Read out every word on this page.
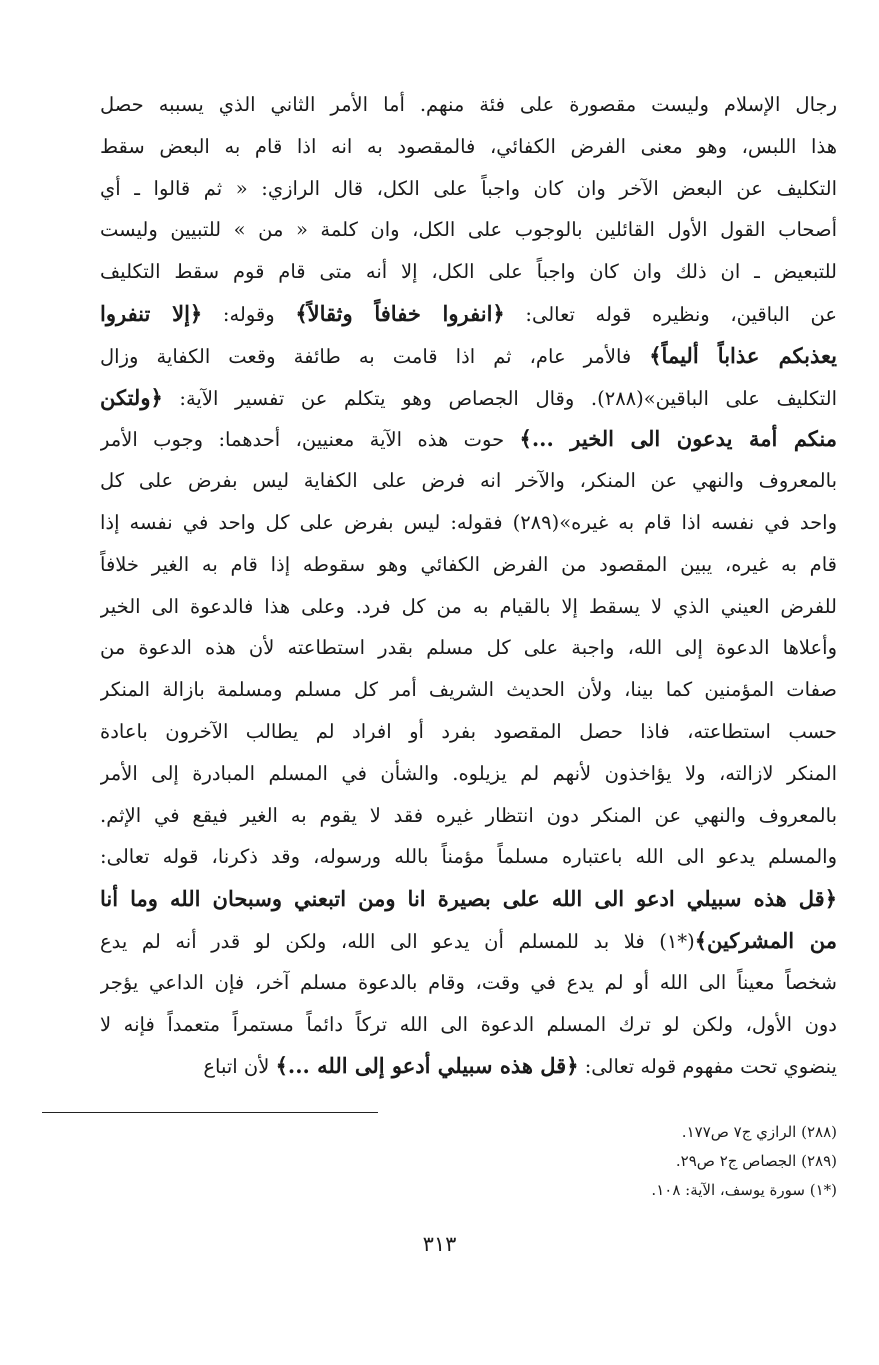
رجال الإسلام وليست مقصورة على فئة منهم. أما الأمر الثاني الذي يسببه حصل
هذا اللبس، وهو معنى الفرض الكفائي، فالمقصود به انه اذا قام به البعض سقط
التكليف عن البعض الآخر وان كان واجباً على الكل، قال الرازي: « ثم قالوا ـ أي
أصحاب القول الأول القائلين بالوجوب على الكل، وان كلمة « من » للتبيين وليست
للتبعيض ـ ان ذلك وان كان واجباً على الكل، إلا أنه متى قام قوم سقط التكليف
عن الباقين، ونظيره قوله تعالى: ﴿انفروا خفافاً وثقالاً﴾ وقوله: ﴿إلا تنفروا
يعذبكم عذاباً أليماً﴾ فالأمر عام، ثم اذا قامت به طائفة وقعت الكفاية وزال
التكليف على الباقين»(٢٨٨). وقال الجصاص وهو يتكلم عن تفسير الآية: ﴿ولتكن
منكم أمة يدعون الى الخير ...﴾ حوت هذه الآية معنيين، أحدهما: وجوب الأمر
بالمعروف والنهي عن المنكر، والآخر انه فرض على الكفاية ليس بفرض على كل
واحد في نفسه اذا قام به غيره»(٢٨٩) فقوله: ليس بفرض على كل واحد في نفسه إذا
قام به غيره، يبين المقصود من الفرض الكفائي وهو سقوطه إذا قام به الغير خلافاً
للفرض العيني الذي لا يسقط إلا بالقيام به من كل فرد. وعلى هذا فالدعوة الى الخير
وأعلاها الدعوة إلى الله، واجبة على كل مسلم بقدر استطاعته لأن هذه الدعوة من
صفات المؤمنين كما بينا، ولأن الحديث الشريف أمر كل مسلم ومسلمة بازالة المنكر
حسب استطاعته، فاذا حصل المقصود بفرد أو افراد لم يطالب الآخرون باعادة
المنكر لازالته، ولا يؤاخذون لأنهم لم يزيلوه. والشأن في المسلم المبادرة إلى الأمر
بالمعروف والنهي عن المنكر دون انتظار غيره فقد لا يقوم به الغير فيقع في الإثم.
والمسلم يدعو الى الله باعتباره مسلماً مؤمناً بالله ورسوله، وقد ذكرنا، قوله تعالى:
﴿قل هذه سبيلي ادعو الى الله على بصيرة انا ومن اتبعني وسبحان الله وما أنا
من المشركين﴾(*١) فلا بد للمسلم أن يدعو الى الله، ولكن لو قدر أنه لم يدع
شخصاً معيناً الى الله أو لم يدع في وقت، وقام بالدعوة مسلم آخر، فإن الداعي يؤجر
دون الأول، ولكن لو ترك المسلم الدعوة الى الله تركاً دائماً مستمراً متعمداً فإنه لا
ينضوي تحت مفهوم قوله تعالى: ﴿قل هذه سبيلي أدعو إلى الله ...﴾ لأن اتباع
(٢٨٨) الرازي ج٧ ص١٧٧.
(٢٨٩) الجصاص ج٢ ص٢٩.
(*١) سورة يوسف، الآية: ١٠٨.
٣١٣
